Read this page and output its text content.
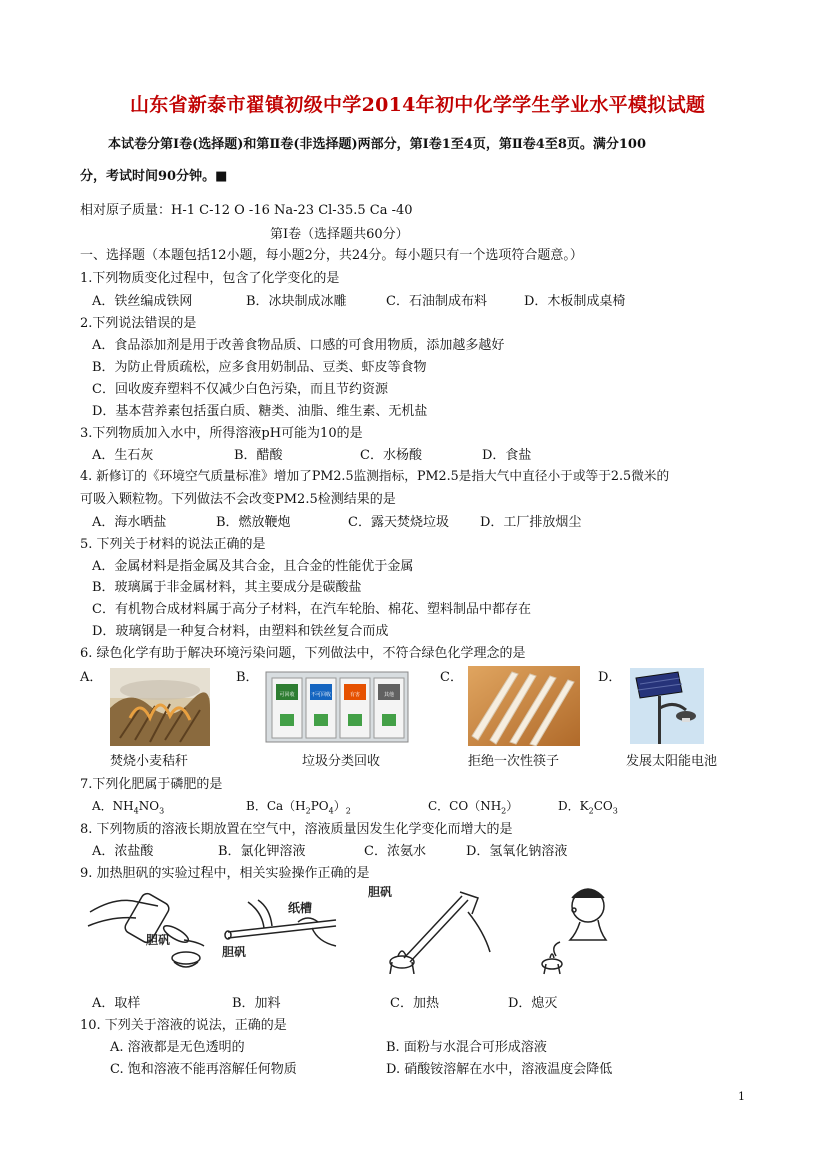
山东省新泰市翟镇初级中学2014年初中化学学生学业水平模拟试题
本试卷分第Ⅰ卷(选择题)和第Ⅱ卷(非选择题)两部分，第Ⅰ卷1至4页，第Ⅱ卷4至8页。满分100
分，考试时间90分钟。■
相对原子质量：H-1 C-12 O -16 Na-23 Cl-35.5 Ca -40
第Ⅰ卷（选择题共60分）
一、选择题（本题包括12小题，每小题2分，共24分。每小题只有一个选项符合题意。）
1.下列物质变化过程中，包含了化学变化的是
A．铁丝编成铁网	B．冰块制成冰雕	C．石油制成布料	D．木板制成桌椅
2.下列说法错误的是
A．食品添加剂是用于改善食物品质、口感的可食用物质，添加越多越好
B．为防止骨质疏松，应多食用奶制品、豆类、虾皮等食物
C．回收废弃塑料不仅减少白色污染，而且节约资源
D．基本营养素包括蛋白质、糖类、油脂、维生素、无机盐
3.下列物质加入水中，所得溶液pH可能为10的是
A．生石灰	B．醋酸	C．水杨酸	D．食盐
4. 新修订的《环境空气质量标准》增加了PM2.5监测指标，PM2.5是指大气中直径小于或等于2.5微米的
可吸入颗粒物。下列做法不会改变PM2.5检测结果的是
A．海水晒盐	B．燃放鞭炮	C．露天焚烧垃圾 D．工厂排放烟尘
5. 下列关于材料的说法正确的是
A．金属材料是指金属及其合金，且合金的性能优于金属
B．玻璃属于非金属材料，其主要成分是碳酸盐
C．有机物合成材料属于高分子材料，在汽车轮胎、棉花、塑料制品中都存在
D．玻璃钢是一种复合材料，由塑料和铁丝复合而成
6. 绿色化学有助于解决环境污染问题，下列做法中，不符合绿色化学理念的是
A．	B．	C．	D．
焚烧小麦秸秆
可回收	不可回收	有害	其他
垃圾分类回收	拒绝一次性筷子	发展太阳能电池
7.下列化肥属于磷肥的是
A．$NH_4NO_3$	B．$Ca(H_2PO_4)_2$	C．$CO(NH_2)$	D．$K_2CO_3$
8. 下列物质的溶液长期放置在空气中，溶液质量因发生化学变化而增大的是
A．浓盐酸	B．氯化钾溶液	C．浓氨水	D．氢氧化钠溶液
9. 加热胆矾的实验过程中，相关实验操作正确的是
胆矾
胆矾
纸槽
胆矾
A．取样	B．加料	C．加热	D．熄灭
10. 下列关于溶液的说法，正确的是
A. 溶液都是无色透明的	B. 面粉与水混合可形成溶液
C. 饱和溶液不能再溶解任何物质	D. 硝酸铵溶解在水中，溶液温度会降低
1
